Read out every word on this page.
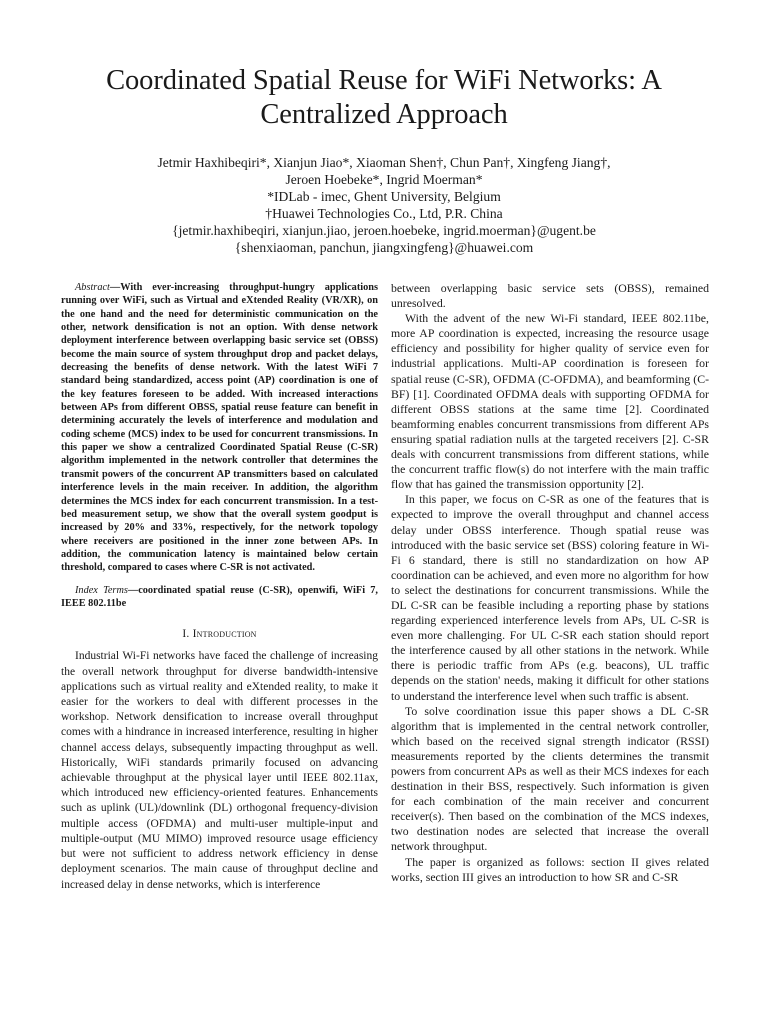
Coordinated Spatial Reuse for WiFi Networks: A
Centralized Approach
Jetmir Haxhibeqiri*, Xianjun Jiao*, Xiaoman Shen†, Chun Pan†, Xingfeng Jiang†,
Jeroen Hoebeke*, Ingrid Moerman*
*IDLab - imec, Ghent University, Belgium
†Huawei Technologies Co., Ltd, P.R. China
{jetmir.haxhibeqiri, xianjun.jiao, jeroen.hoebeke, ingrid.moerman}@ugent.be
{shenxiaoman, panchun, jiangxingfeng}@huawei.com

Abstract—With ever-increasing throughput-hungry applications running over WiFi, such as Virtual and eXtended Reality (VR/XR), on the one hand and the need for deterministic communication on the other, network densification is not an option. With dense network deployment interference between overlapping basic service set (OBSS) become the main source of system throughput drop and packet delays, decreasing the benefits of dense network. With the latest WiFi 7 standard being standardized, access point (AP) coordination is one of the key features foreseen to be added. With increased interactions between APs from different OBSS, spatial reuse feature can benefit in determining accurately the levels of interference and modulation and coding scheme (MCS) index to be used for concurrent transmissions. In this paper we show a centralized Coordinated Spatial Reuse (C-SR) algorithm implemented in the network controller that determines the transmit powers of the concurrent AP transmitters based on calculated interference levels in the main receiver. In addition, the algorithm determines the MCS index for each concurrent transmission. In a test-bed measurement setup, we show that the overall system goodput is increased by 20% and 33%, respectively, for the network topology where receivers are positioned in the inner zone between APs. In addition, the communication latency is maintained below certain threshold, compared to cases where C-SR is not activated.

Index Terms—coordinated spatial reuse (C-SR), openwifi, WiFi 7, IEEE 802.11be

I. Introduction

Industrial Wi-Fi networks have faced the challenge of increasing the overall network throughput for diverse bandwidth-intensive applications such as virtual reality and eXtended reality, to make it easier for the workers to deal with different processes in the workshop. Network densification to increase overall throughput comes with a hindrance in increased interference, resulting in higher channel access delays, subsequently impacting throughput as well. Historically, WiFi standards primarily focused on advancing achievable throughput at the physical layer until IEEE 802.11ax, which introduced new efficiency-oriented features. Enhancements such as uplink (UL)/downlink (DL) orthogonal frequency-division multiple access (OFDMA) and multi-user multiple-input and multiple-output (MU MIMO) improved resource usage efficiency but were not sufficient to address network efficiency in dense deployment scenarios. The main cause of throughput decline and increased delay in dense networks, which is interference

between overlapping basic service sets (OBSS), remained unresolved.

With the advent of the new Wi-Fi standard, IEEE 802.11be, more AP coordination is expected, increasing the resource usage efficiency and possibility for higher quality of service even for industrial applications. Multi-AP coordination is foreseen for spatial reuse (C-SR), OFDMA (C-OFDMA), and beamforming (C-BF) [1]. Coordinated OFDMA deals with supporting OFDMA for different OBSS stations at the same time [2]. Coordinated beamforming enables concurrent transmissions from different APs ensuring spatial radiation nulls at the targeted receivers [2]. C-SR deals with concurrent transmissions from different stations, while the concurrent traffic flow(s) do not interfere with the main traffic flow that has gained the transmission opportunity [2].

In this paper, we focus on C-SR as one of the features that is expected to improve the overall throughput and channel access delay under OBSS interference. Though spatial reuse was introduced with the basic service set (BSS) coloring feature in Wi-Fi 6 standard, there is still no standardization on how AP coordination can be achieved, and even more no algorithm for how to select the destinations for concurrent transmissions. While the DL C-SR can be feasible including a reporting phase by stations regarding experienced interference levels from APs, UL C-SR is even more challenging. For UL C-SR each station should report the interference caused by all other stations in the network. While there is periodic traffic from APs (e.g. beacons), UL traffic depends on the station' needs, making it difficult for other stations to understand the interference level when such traffic is absent.

To solve coordination issue this paper shows a DL C-SR algorithm that is implemented in the central network controller, which based on the received signal strength indicator (RSSI) measurements reported by the clients determines the transmit powers from concurrent APs as well as their MCS indexes for each destination in their BSS, respectively. Such information is given for each combination of the main receiver and concurrent receiver(s). Then based on the combination of the MCS indexes, two destination nodes are selected that increase the overall network throughput.

The paper is organized as follows: section II gives related works, section III gives an introduction to how SR and C-SR
